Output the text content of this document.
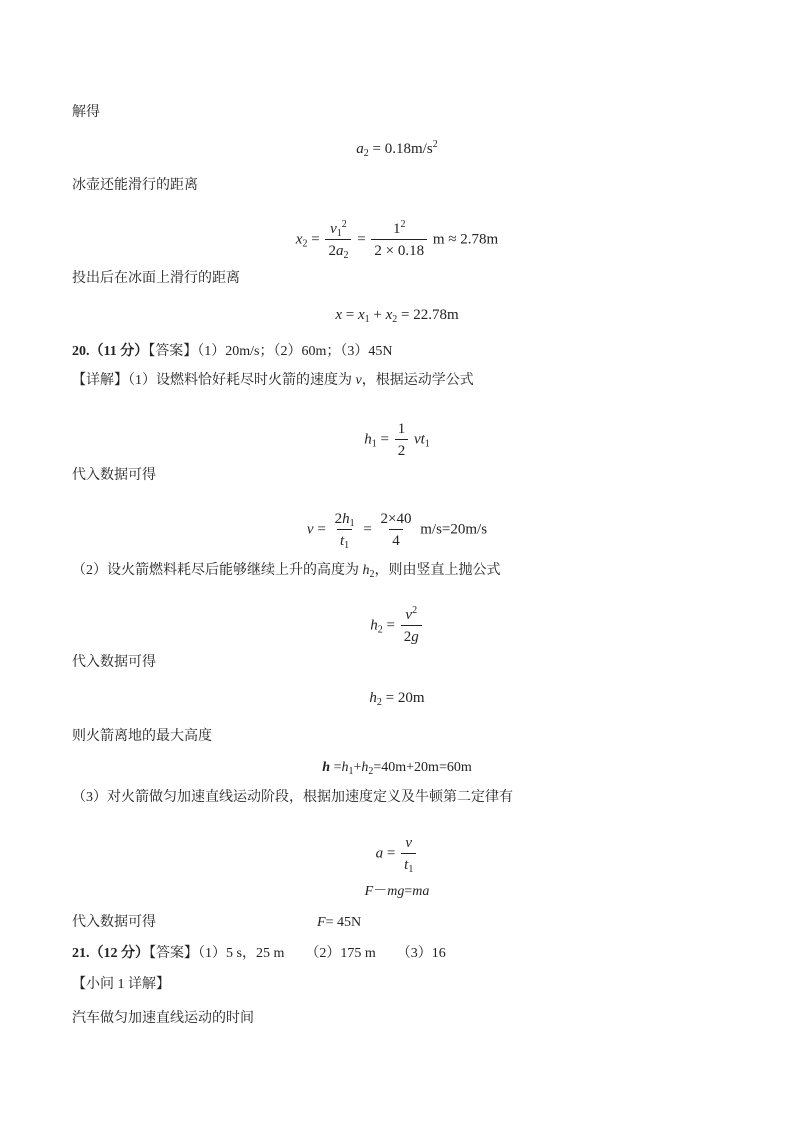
解得
$a_2 = 0.18m/s^2$
冰壶还能滑行的距离
$x_2 = \frac{v_1^2}{2a_2} = \frac{1^2}{2 \times 0.18}$ m ≈ 2.78m
投出后在冰面上滑行的距离
$x = x_1 + x_2 = 22.78m$
20.（11 分）【答案】（1）20m/s；（2）60m；（3）45N
【详解】（1）设燃料恰好耗尽时火箭的速度为 v，根据运动学公式
$h_1 = \frac{1}{2} vt_1$
代入数据可得
$v = \frac{2h_1}{t_1} = \frac{2\times 40}{4} m/s=20m/s$
（2）设火箭燃料耗尽后能够继续上升的高度为 $h_2$，则由竖直上抛公式
$h_2 = \frac{v^2}{2g}$
代入数据可得
$h_2 = 20m$
则火箭离地的最大高度
$h =h_1+h_2=40m+20m=60m$
（3）对火箭做匀加速直线运动阶段，根据加速度定义及牛顿第二定律有
$a = \frac{v}{t_1}$
F－mg=ma
代入数据可得	F= 45N
21.（12 分）【答案】（1）5 s，25 m　　（2）175 m　　（3）16
【小问 1 详解】
汽车做匀加速直线运动的时间
